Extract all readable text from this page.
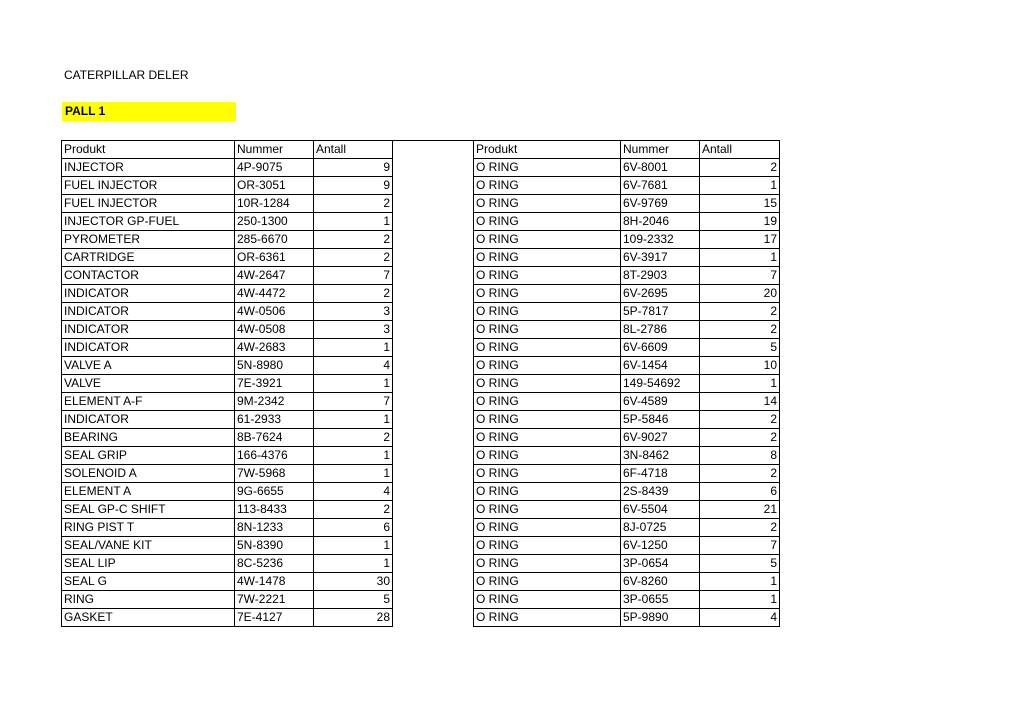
CATERPILLAR DELER
PALL 1
Produkt	Nummer	Antall		Produkt	Nummer	Antall
INJECTOR	4P-9075	9		O RING	6V-8001	2
FUEL INJECTOR	OR-3051	9		O RING	6V-7681	1
FUEL INJECTOR	10R-1284	2		O RING	6V-9769	15
INJECTOR GP-FUEL	250-1300	1		O RING	8H-2046	19
PYROMETER	285-6670	2		O RING	109-2332	17
CARTRIDGE	OR-6361	2		O RING	6V-3917	1
CONTACTOR	4W-2647	7		O RING	8T-2903	7
INDICATOR	4W-4472	2		O RING	6V-2695	20
INDICATOR	4W-0506	3		O RING	5P-7817	2
INDICATOR	4W-0508	3		O RING	8L-2786	2
INDICATOR	4W-2683	1		O RING	6V-6609	5
VALVE A	5N-8980	4		O RING	6V-1454	10
VALVE	7E-3921	1		O RING	149-54692	1
ELEMENT A-F	9M-2342	7		O RING	6V-4589	14
INDICATOR	61-2933	1		O RING	5P-5846	2
BEARING	8B-7624	2		O RING	6V-9027	2
SEAL GRIP	166-4376	1		O RING	3N-8462	8
SOLENOID A	7W-5968	1		O RING	6F-4718	2
ELEMENT A	9G-6655	4		O RING	2S-8439	6
SEAL GP-C SHIFT	113-8433	2		O RING	6V-5504	21
RING PIST T	8N-1233	6		O RING	8J-0725	2
SEAL/VANE KIT	5N-8390	1		O RING	6V-1250	7
SEAL LIP	8C-5236	1		O RING	3P-0654	5
SEAL G	4W-1478	30		O RING	6V-8260	1
RING	7W-2221	5		O RING	3P-0655	1
GASKET	7E-4127	28		O RING	5P-9890	4
